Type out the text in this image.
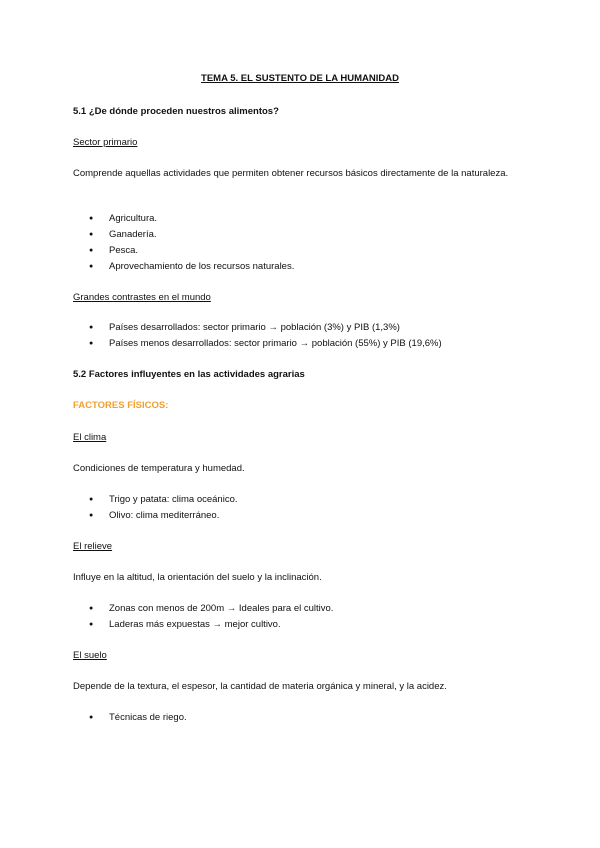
TEMA 5. EL SUSTENTO DE LA HUMANIDAD
5.1 ¿De dónde proceden nuestros alimentos?
Sector primario
Comprende aquellas actividades que permiten obtener recursos básicos directamente de la naturaleza.
● Agricultura.
● Ganadería.
● Pesca.
● Aprovechamiento de los recursos naturales.
Grandes contrastes en el mundo
● Países desarrollados: sector primario → población (3%) y PIB (1,3%)
● Países menos desarrollados: sector primario → población (55%) y PIB (19,6%)
5.2 Factores influyentes en las actividades agrarias
FACTORES FÍSICOS:
El clima
Condiciones de temperatura y humedad.
● Trigo y patata: clima oceánico.
● Olivo: clima mediterráneo.
El relieve
Influye en la altitud, la orientación del suelo y la inclinación.
● Zonas con menos de 200m → Ideales para el cultivo.
● Laderas más expuestas → mejor cultivo.
El suelo
Depende de la textura, el espesor, la cantidad de materia orgánica y mineral, y la acidez.
● Técnicas de riego.
